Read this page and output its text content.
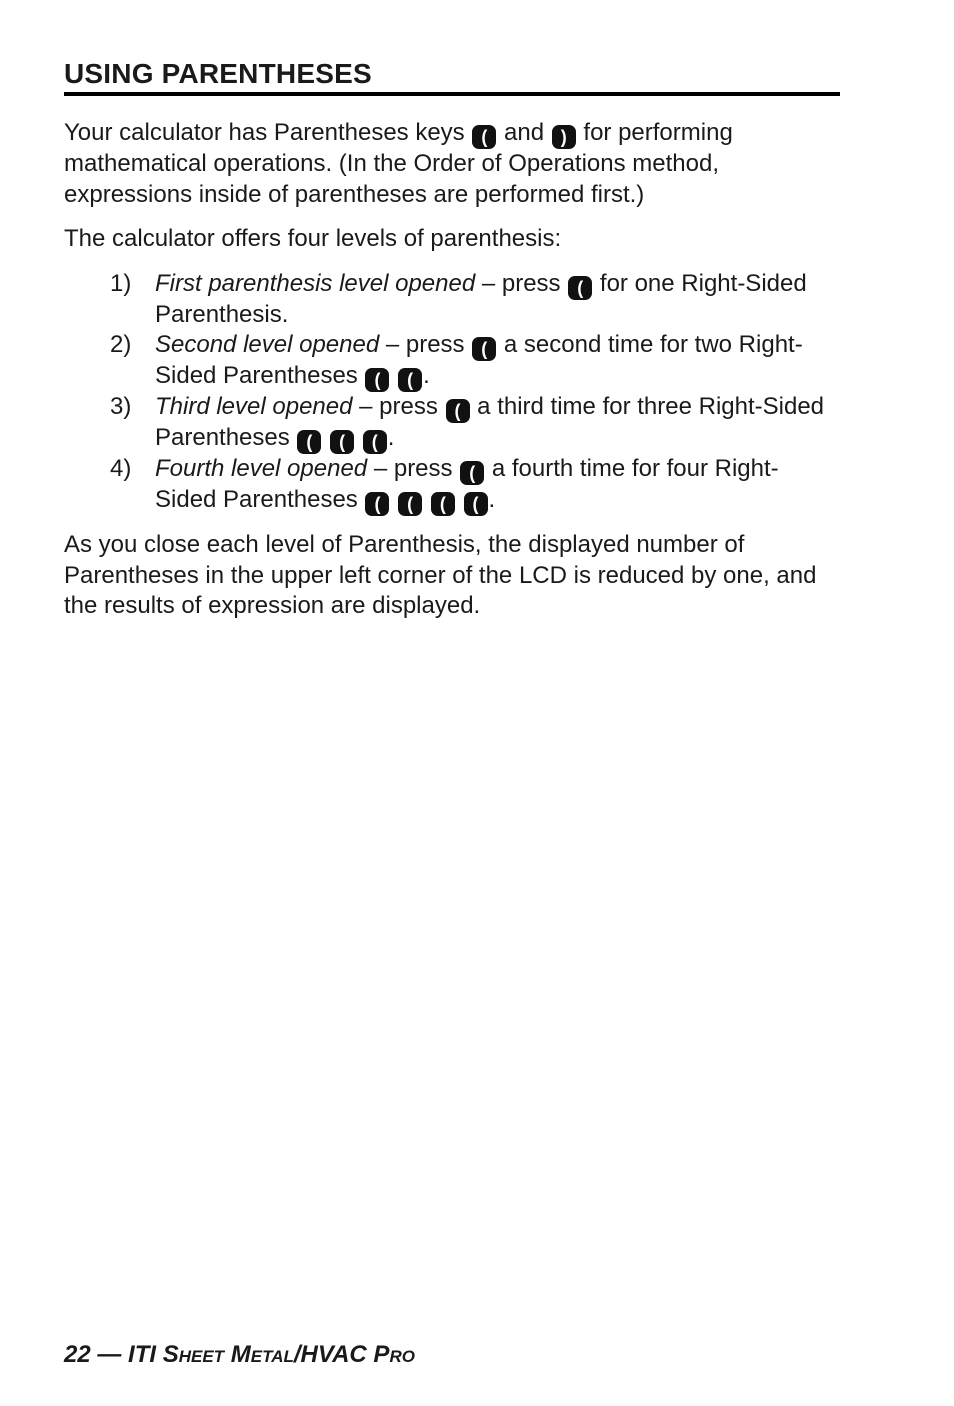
USING PARENTHESES

Your calculator has Parentheses keys ( and ) for performing mathematical operations. (In the Order of Operations method, expressions inside of parentheses are performed first.)

The calculator offers four levels of parenthesis:

1) First parenthesis level opened – press ( for one Right-Sided Parenthesis.
2) Second level opened – press ( a second time for two Right-Sided Parentheses ( ( .
3) Third level opened – press ( a third time for three Right-Sided Parentheses ( ( ( .
4) Fourth level opened – press ( a fourth time for four Right-Sided Parentheses ( ( ( ( .

As you close each level of Parenthesis, the displayed number of Parentheses in the upper left corner of the LCD is reduced by one, and the results of expression are displayed.

22 — ITI SHEET METAL/HVAC PRO
